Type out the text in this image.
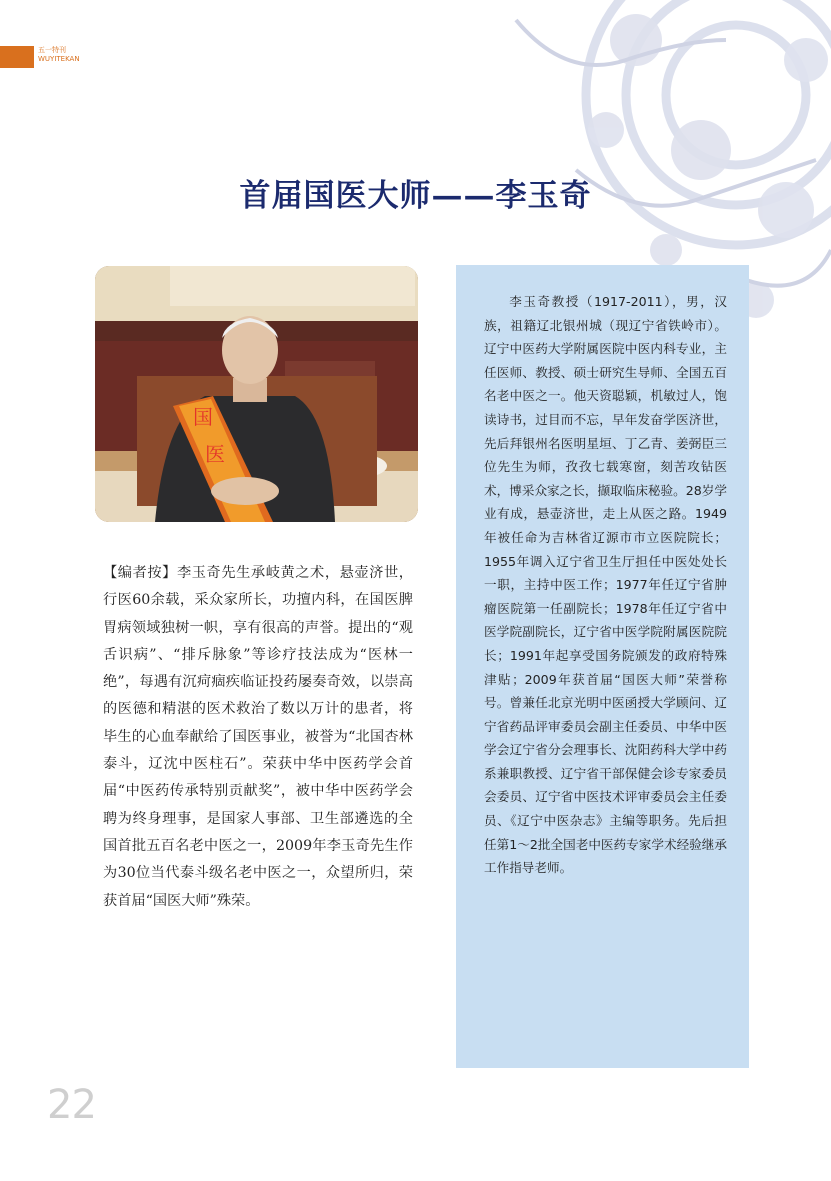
五一特刊
WUYITEKAN
首届国医大师——李玉奇
国
医

【编者按】李玉奇先生承岐黄之术，悬壶济世，行医60余载，采众家所长，功擅内科，在国医脾胃病领域独树一帜，享有很高的声誉。提出的“观舌识病”、“排斥脉象”等诊疗技法成为“医林一绝”，每遇有沉疴痼疾临证投药屡奏奇效，以崇高的医德和精湛的医术救治了数以万计的患者，将毕生的心血奉献给了国医事业，被誉为“北国杏林泰斗，辽沈中医柱石”。荣获中华中医药学会首届“中医药传承特别贡献奖”，被中华中医药学会聘为终身理事，是国家人事部、卫生部遴选的全国首批五百名老中医之一，2009年李玉奇先生作为30位当代泰斗级名老中医之一，众望所归，荣获首届“国医大师”殊荣。

李玉奇教授（1917-2011），男，汉族，祖籍辽北银州城（现辽宁省铁岭市）。辽宁中医药大学附属医院中医内科专业，主任医师、教授、硕士研究生导师、全国五百名老中医之一。他天资聪颖，机敏过人，饱读诗书，过目而不忘，早年发奋学医济世，先后拜银州名医明星垣、丁乙青、姜弼臣三位先生为师，孜孜七载寒窗，刻苦攻钻医术，博采众家之长，撷取临床秘验。28岁学业有成，悬壶济世，走上从医之路。1949年被任命为吉林省辽源市市立医院院长；1955年调入辽宁省卫生厅担任中医处处长一职，主持中医工作；1977年任辽宁省肿瘤医院第一任副院长；1978年任辽宁省中医学院副院长，辽宁省中医学院附属医院院长；1991年起享受国务院颁发的政府特殊津贴；2009年获首届“国医大师”荣誉称号。曾兼任北京光明中医函授大学顾问、辽宁省药品评审委员会副主任委员、中华中医学会辽宁省分会理事长、沈阳药科大学中药系兼职教授、辽宁省干部保健会诊专家委员会委员、辽宁省中医技术评审委员会主任委员、《辽宁中医杂志》主编等职务。先后担任第1～2批全国老中医药专家学术经验继承工作指导老师。

22
